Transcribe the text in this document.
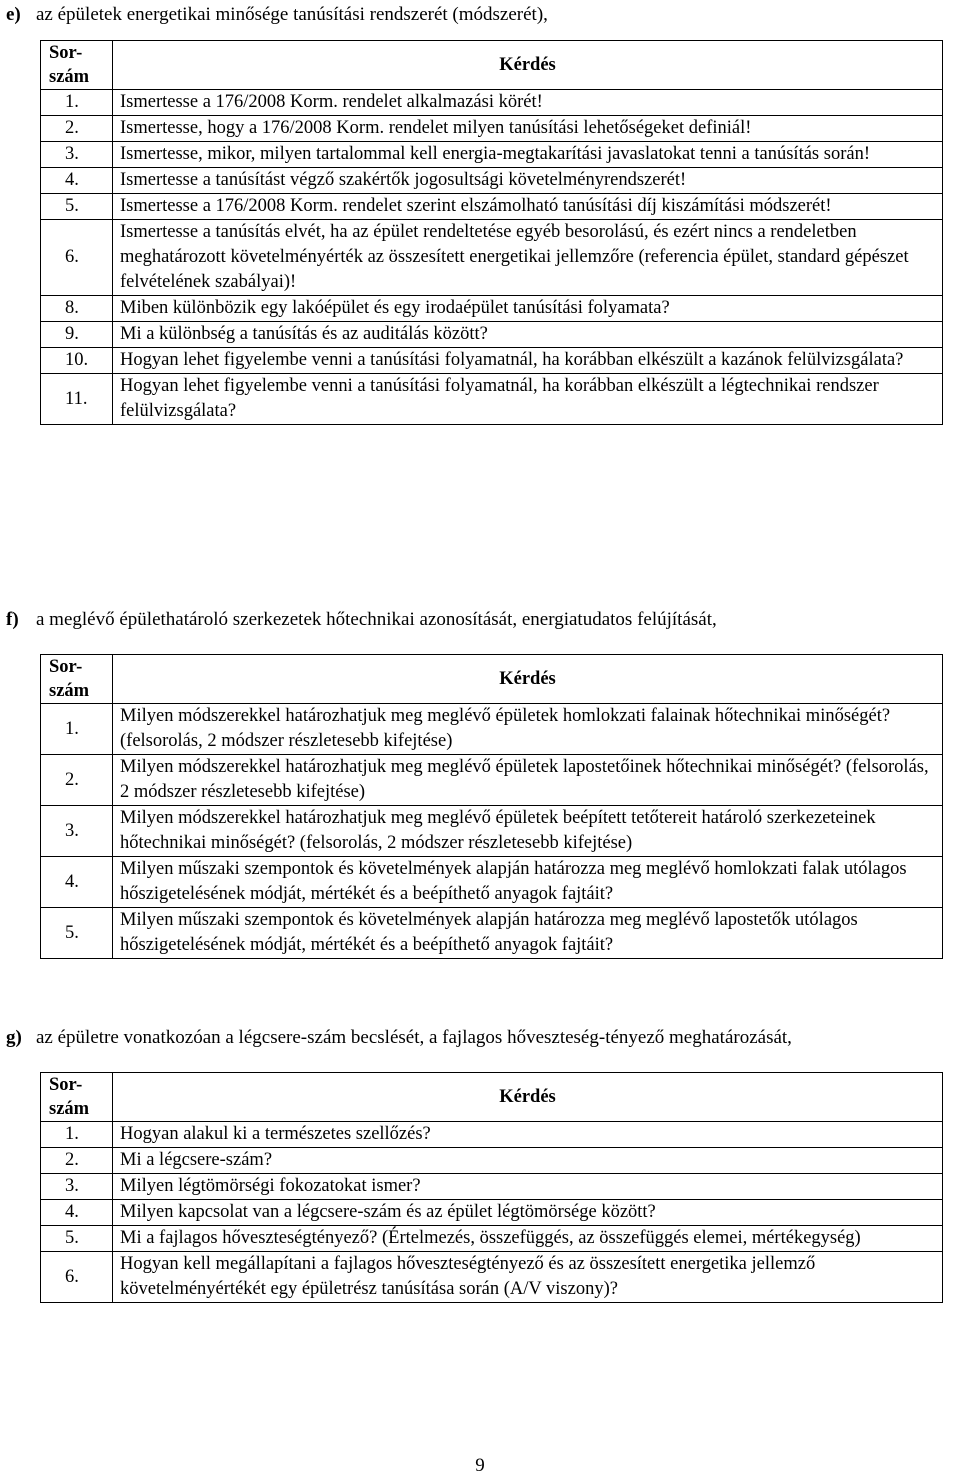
e) az épületek energetikai minősége tanúsítási rendszerét (módszerét),
Sor-
szám	Kérdés
1.	Ismertesse a 176/2008 Korm. rendelet alkalmazási körét!
2.	Ismertesse, hogy a 176/2008 Korm. rendelet milyen tanúsítási lehetőségeket definiál!
3.	Ismertesse, mikor, milyen tartalommal kell energia-megtakarítási javaslatokat tenni a tanúsítás során!
4.	Ismertesse a tanúsítást végző szakértők jogosultsági követelményrendszerét!
5.	Ismertesse a 176/2008 Korm. rendelet szerint elszámolható tanúsítási díj kiszámítási módszerét!
6.	Ismertesse a tanúsítás elvét, ha az épület rendeltetése egyéb besorolású, és ezért nincs a rendeletben meghatározott követelményérték az összesített energetikai jellemzőre (referencia épület, standard gépészet felvételének szabályai)!
8.	Miben különbözik egy lakóépület és egy irodaépület tanúsítási folyamata?
9.	Mi a különbség a tanúsítás és az auditálás között?
10.	Hogyan lehet figyelembe venni a tanúsítási folyamatnál, ha korábban elkészült a kazánok felülvizsgálata?
11.	Hogyan lehet figyelembe venni a tanúsítási folyamatnál, ha korábban elkészült a légtechnikai rendszer felülvizsgálata?
f) a meglévő épülethatároló szerkezetek hőtechnikai azonosítását, energiatudatos felújítását,
Sor-
szám	Kérdés
1.	Milyen módszerekkel határozhatjuk meg meglévő épületek homlokzati falainak hőtechnikai minőségét? (felsorolás, 2 módszer részletesebb kifejtése)
2.	Milyen módszerekkel határozhatjuk meg meglévő épületek lapostetőinek hőtechnikai minőségét? (felsorolás, 2 módszer részletesebb kifejtése)
3.	Milyen módszerekkel határozhatjuk meg meglévő épületek beépített tetőtereit határoló szerkezeteinek hőtechnikai minőségét? (felsorolás, 2 módszer részletesebb kifejtése)
4.	Milyen műszaki szempontok és követelmények alapján határozza meg meglévő homlokzati falak utólagos hőszigetelésének módját, mértékét és a beépíthető anyagok fajtáit?
5.	Milyen műszaki szempontok és követelmények alapján határozza meg meglévő lapostetők utólagos hőszigetelésének módját, mértékét és a beépíthető anyagok fajtáit?
g) az épületre vonatkozóan a légcsere-szám becslését, a fajlagos hőveszteség-tényező meghatározását,
Sor-
szám	Kérdés
1.	Hogyan alakul ki a természetes szellőzés?
2.	Mi a légcsere-szám?
3.	Milyen légtömörségi fokozatokat ismer?
4.	Milyen kapcsolat van a légcsere-szám és az épület légtömörsége között?
5.	Mi a fajlagos hőveszteségtényező? (Értelmezés, összefüggés, az összefüggés elemei, mértékegység)
6.	Hogyan kell megállapítani a fajlagos hőveszteségtényező és az összesített energetika jellemző követelményértékét egy épületrész tanúsítása során (A/V viszony)?
9
